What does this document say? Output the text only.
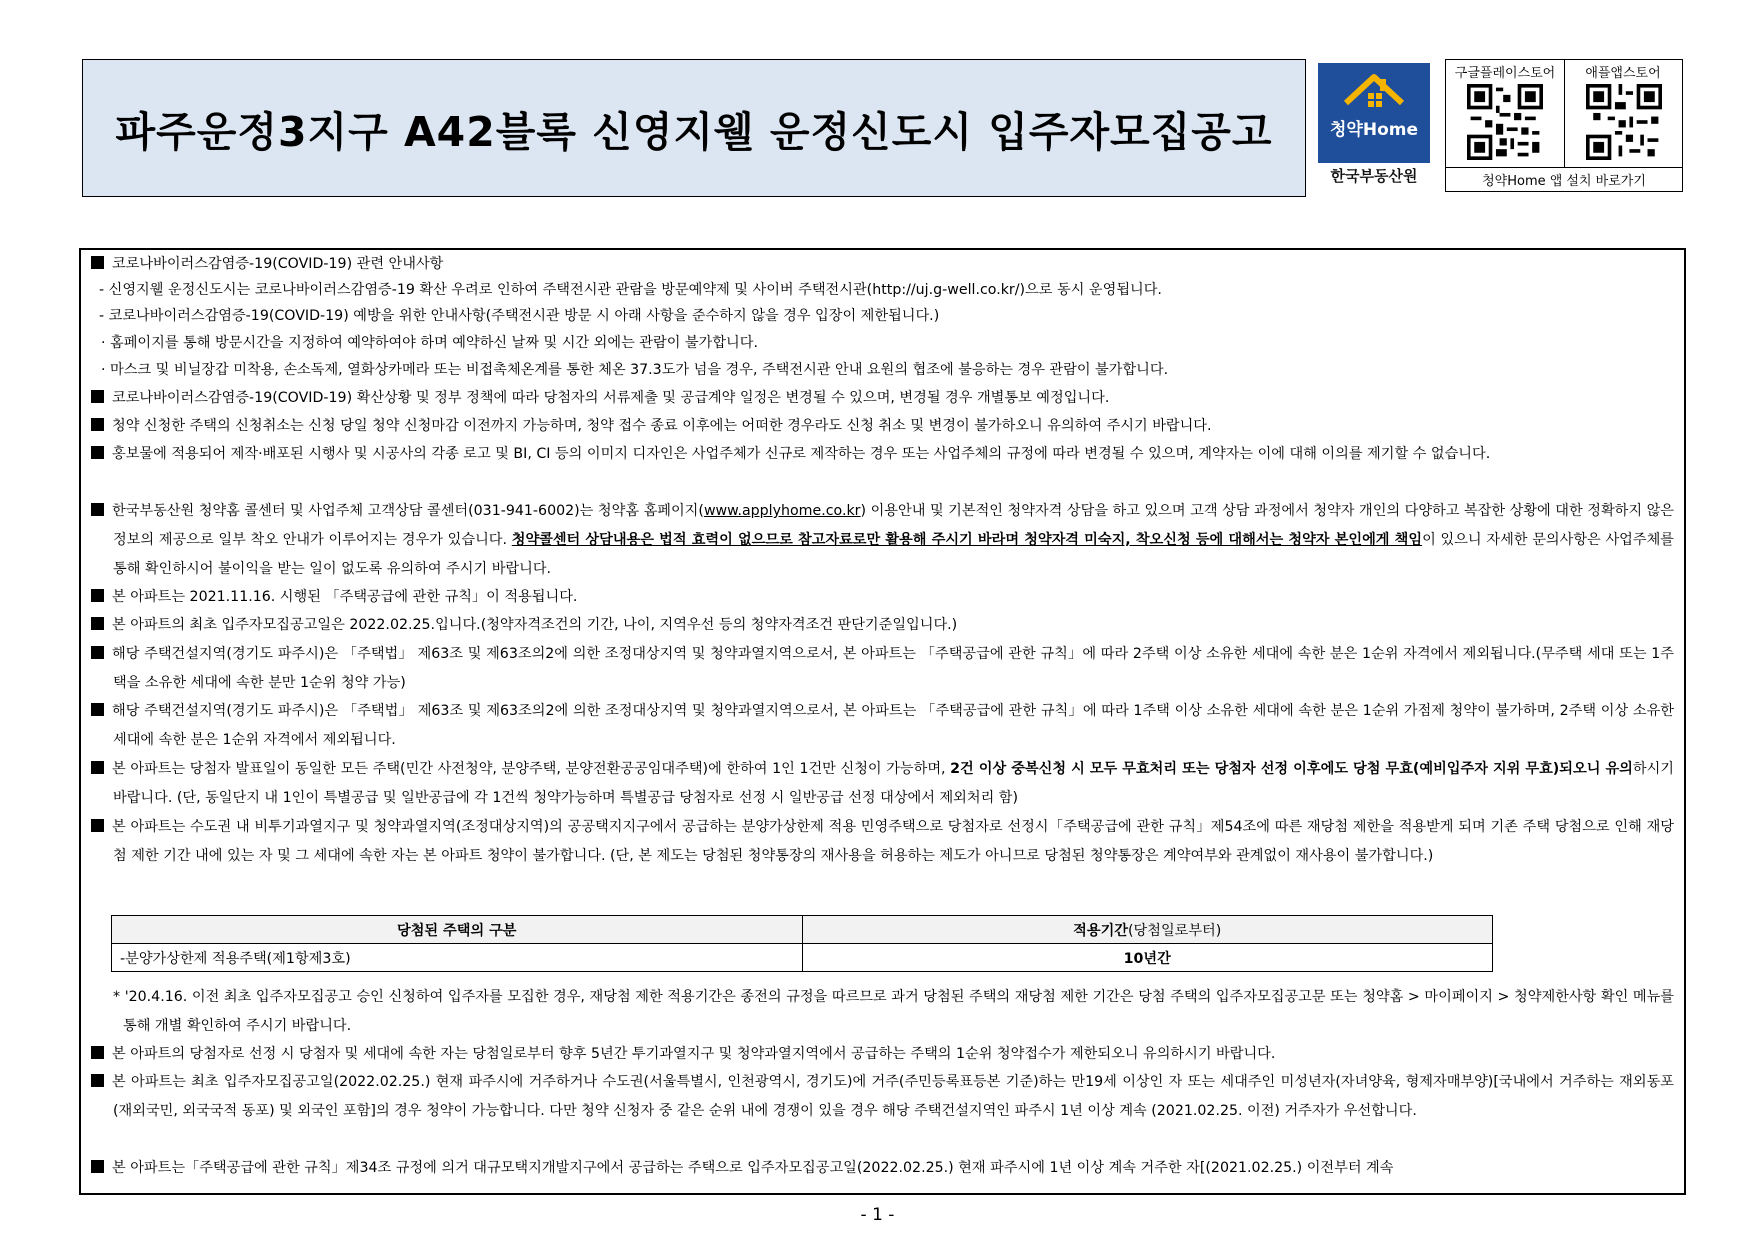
파주운정3지구 A42블록 신영지웰 운정신도시 입주자모집공고	청약Home
한국부동산원
구글플레이스토어	애플앱스토어
청약Home 앱 설치 바로가기
코로나바이러스감염증-19(COVID-19) 관련 안내사항
- 신영지웰 운정신도시는 코로나바이러스감염증-19 확산 우려로 인하여 주택전시관 관람을 방문예약제 및 사이버 주택전시관(http://uj.g-well.co.kr/)으로 동시 운영됩니다.
- 코로나바이러스감염증-19(COVID-19) 예방을 위한 안내사항(주택전시관 방문 시 아래 사항을 준수하지 않을 경우 입장이 제한됩니다.)
· 홈페이지를 통해 방문시간을 지정하여 예약하여야 하며 예약하신 날짜 및 시간 외에는 관람이 불가합니다.
· 마스크 및 비닐장갑 미착용, 손소독제, 열화상카메라 또는 비접촉체온계를 통한 체온 37.3도가 넘을 경우, 주택전시관 안내 요원의 협조에 불응하는 경우 관람이 불가합니다.
코로나바이러스감염증-19(COVID-19) 확산상황 및 정부 정책에 따라 당첨자의 서류제출 및 공급계약 일정은 변경될 수 있으며, 변경될 경우 개별통보 예정입니다.
청약 신청한 주택의 신청취소는 신청 당일 청약 신청마감 이전까지 가능하며, 청약 접수 종료 이후에는 어떠한 경우라도 신청 취소 및 변경이 불가하오니 유의하여 주시기 바랍니다.
홍보물에 적용되어 제작·배포된 시행사 및 시공사의 각종 로고 및 BI, CI 등의 이미지 디자인은 사업주체가 신규로 제작하는 경우 또는 사업주체의 규정에 따라 변경될 수 있으며, 계약자는 이에 대해 이의를 제기할 수 없습니다.
한국부동산원 청약홈 콜센터 및 사업주체 고객상담 콜센터(031-941-6002)는 청약홈 홈페이지(www.applyhome.co.kr) 이용안내 및 기본적인 청약자격 상담을 하고 있으며 고객 상담 과정에서 청약자 개인의 다양하고 복잡한 상황에 대한 정확하지 않은 정보의 제공으로 일부 착오 안내가 이루어지는 경우가 있습니다. 청약콜센터 상담내용은 법적 효력이 없으므로 참고자료로만 활용해 주시기 바라며 청약자격 미숙지, 착오신청 등에 대해서는 청약자 본인에게 책임이 있으니 자세한 문의사항은 사업주체를 통해 확인하시어 불이익을 받는 일이 없도록 유의하여 주시기 바랍니다.
본 아파트는 2021.11.16. 시행된 「주택공급에 관한 규칙」이 적용됩니다.
본 아파트의 최초 입주자모집공고일은 2022.02.25.입니다.(청약자격조건의 기간, 나이, 지역우선 등의 청약자격조건 판단기준일입니다.)
해당 주택건설지역(경기도 파주시)은 「주택법」 제63조 및 제63조의2에 의한 조정대상지역 및 청약과열지역으로서, 본 아파트는 「주택공급에 관한 규칙」에 따라 2주택 이상 소유한 세대에 속한 분은 1순위 자격에서 제외됩니다.(무주택 세대 또는 1주택을 소유한 세대에 속한 분만 1순위 청약 가능)
해당 주택건설지역(경기도 파주시)은 「주택법」 제63조 및 제63조의2에 의한 조정대상지역 및 청약과열지역으로서, 본 아파트는 「주택공급에 관한 규칙」에 따라 1주택 이상 소유한 세대에 속한 분은 1순위 가점제 청약이 불가하며, 2주택 이상 소유한 세대에 속한 분은 1순위 자격에서 제외됩니다.
본 아파트는 당첨자 발표일이 동일한 모든 주택(민간 사전청약, 분양주택, 분양전환공공임대주택)에 한하여 1인 1건만 신청이 가능하며, 2건 이상 중복신청 시 모두 무효처리 또는 당첨자 선정 이후에도 당첨 무효(예비입주자 지위 무효)되오니 유의하시기 바랍니다. (단, 동일단지 내 1인이 특별공급 및 일반공급에 각 1건씩 청약가능하며 특별공급 당첨자로 선정 시 일반공급 선정 대상에서 제외처리 함)
본 아파트는 수도권 내 비투기과열지구 및 청약과열지역(조정대상지역)의 공공택지지구에서 공급하는 분양가상한제 적용 민영주택으로 당첨자로 선정시「주택공급에 관한 규칙」제54조에 따른 재당첨 제한을 적용받게 되며 기존 주택 당첨으로 인해 재당첨 제한 기간 내에 있는 자 및 그 세대에 속한 자는 본 아파트 청약이 불가합니다. (단, 본 제도는 당첨된 청약통장의 재사용을 허용하는 제도가 아니므로 당첨된 청약통장은 계약여부와 관계없이 재사용이 불가합니다.)
당첨된 주택의 구분	적용기간(당첨일로부터)
-분양가상한제 적용주택(제1항제3호)	10년간
* '20.4.16. 이전 최초 입주자모집공고 승인 신청하여 입주자를 모집한 경우, 재당첨 제한 적용기간은 종전의 규정을 따르므로 과거 당첨된 주택의 재당첨 제한 기간은 당첨 주택의 입주자모집공고문 또는 청약홈 > 마이페이지 > 청약제한사항 확인 메뉴를 통해 개별 확인하여 주시기 바랍니다.
본 아파트의 당첨자로 선정 시 당첨자 및 세대에 속한 자는 당첨일로부터 향후 5년간 투기과열지구 및 청약과열지역에서 공급하는 주택의 1순위 청약접수가 제한되오니 유의하시기 바랍니다.
본 아파트는 최초 입주자모집공고일(2022.02.25.) 현재 파주시에 거주하거나 수도권(서울특별시, 인천광역시, 경기도)에 거주(주민등록표등본 기준)하는 만19세 이상인 자 또는 세대주인 미성년자(자녀양육, 형제자매부양)[국내에서 거주하는 재외동포(재외국민, 외국국적 동포) 및 외국인 포함]의 경우 청약이 가능합니다. 다만 청약 신청자 중 같은 순위 내에 경쟁이 있을 경우 해당 주택건설지역인 파주시 1년 이상 계속 (2021.02.25. 이전) 거주자가 우선합니다.
본 아파트는「주택공급에 관한 규칙」제34조 규정에 의거 대규모택지개발지구에서 공급하는 주택으로 입주자모집공고일(2022.02.25.) 현재 파주시에 1년 이상 계속 거주한 자[(2021.02.25.) 이전부터 계속
- 1 -
